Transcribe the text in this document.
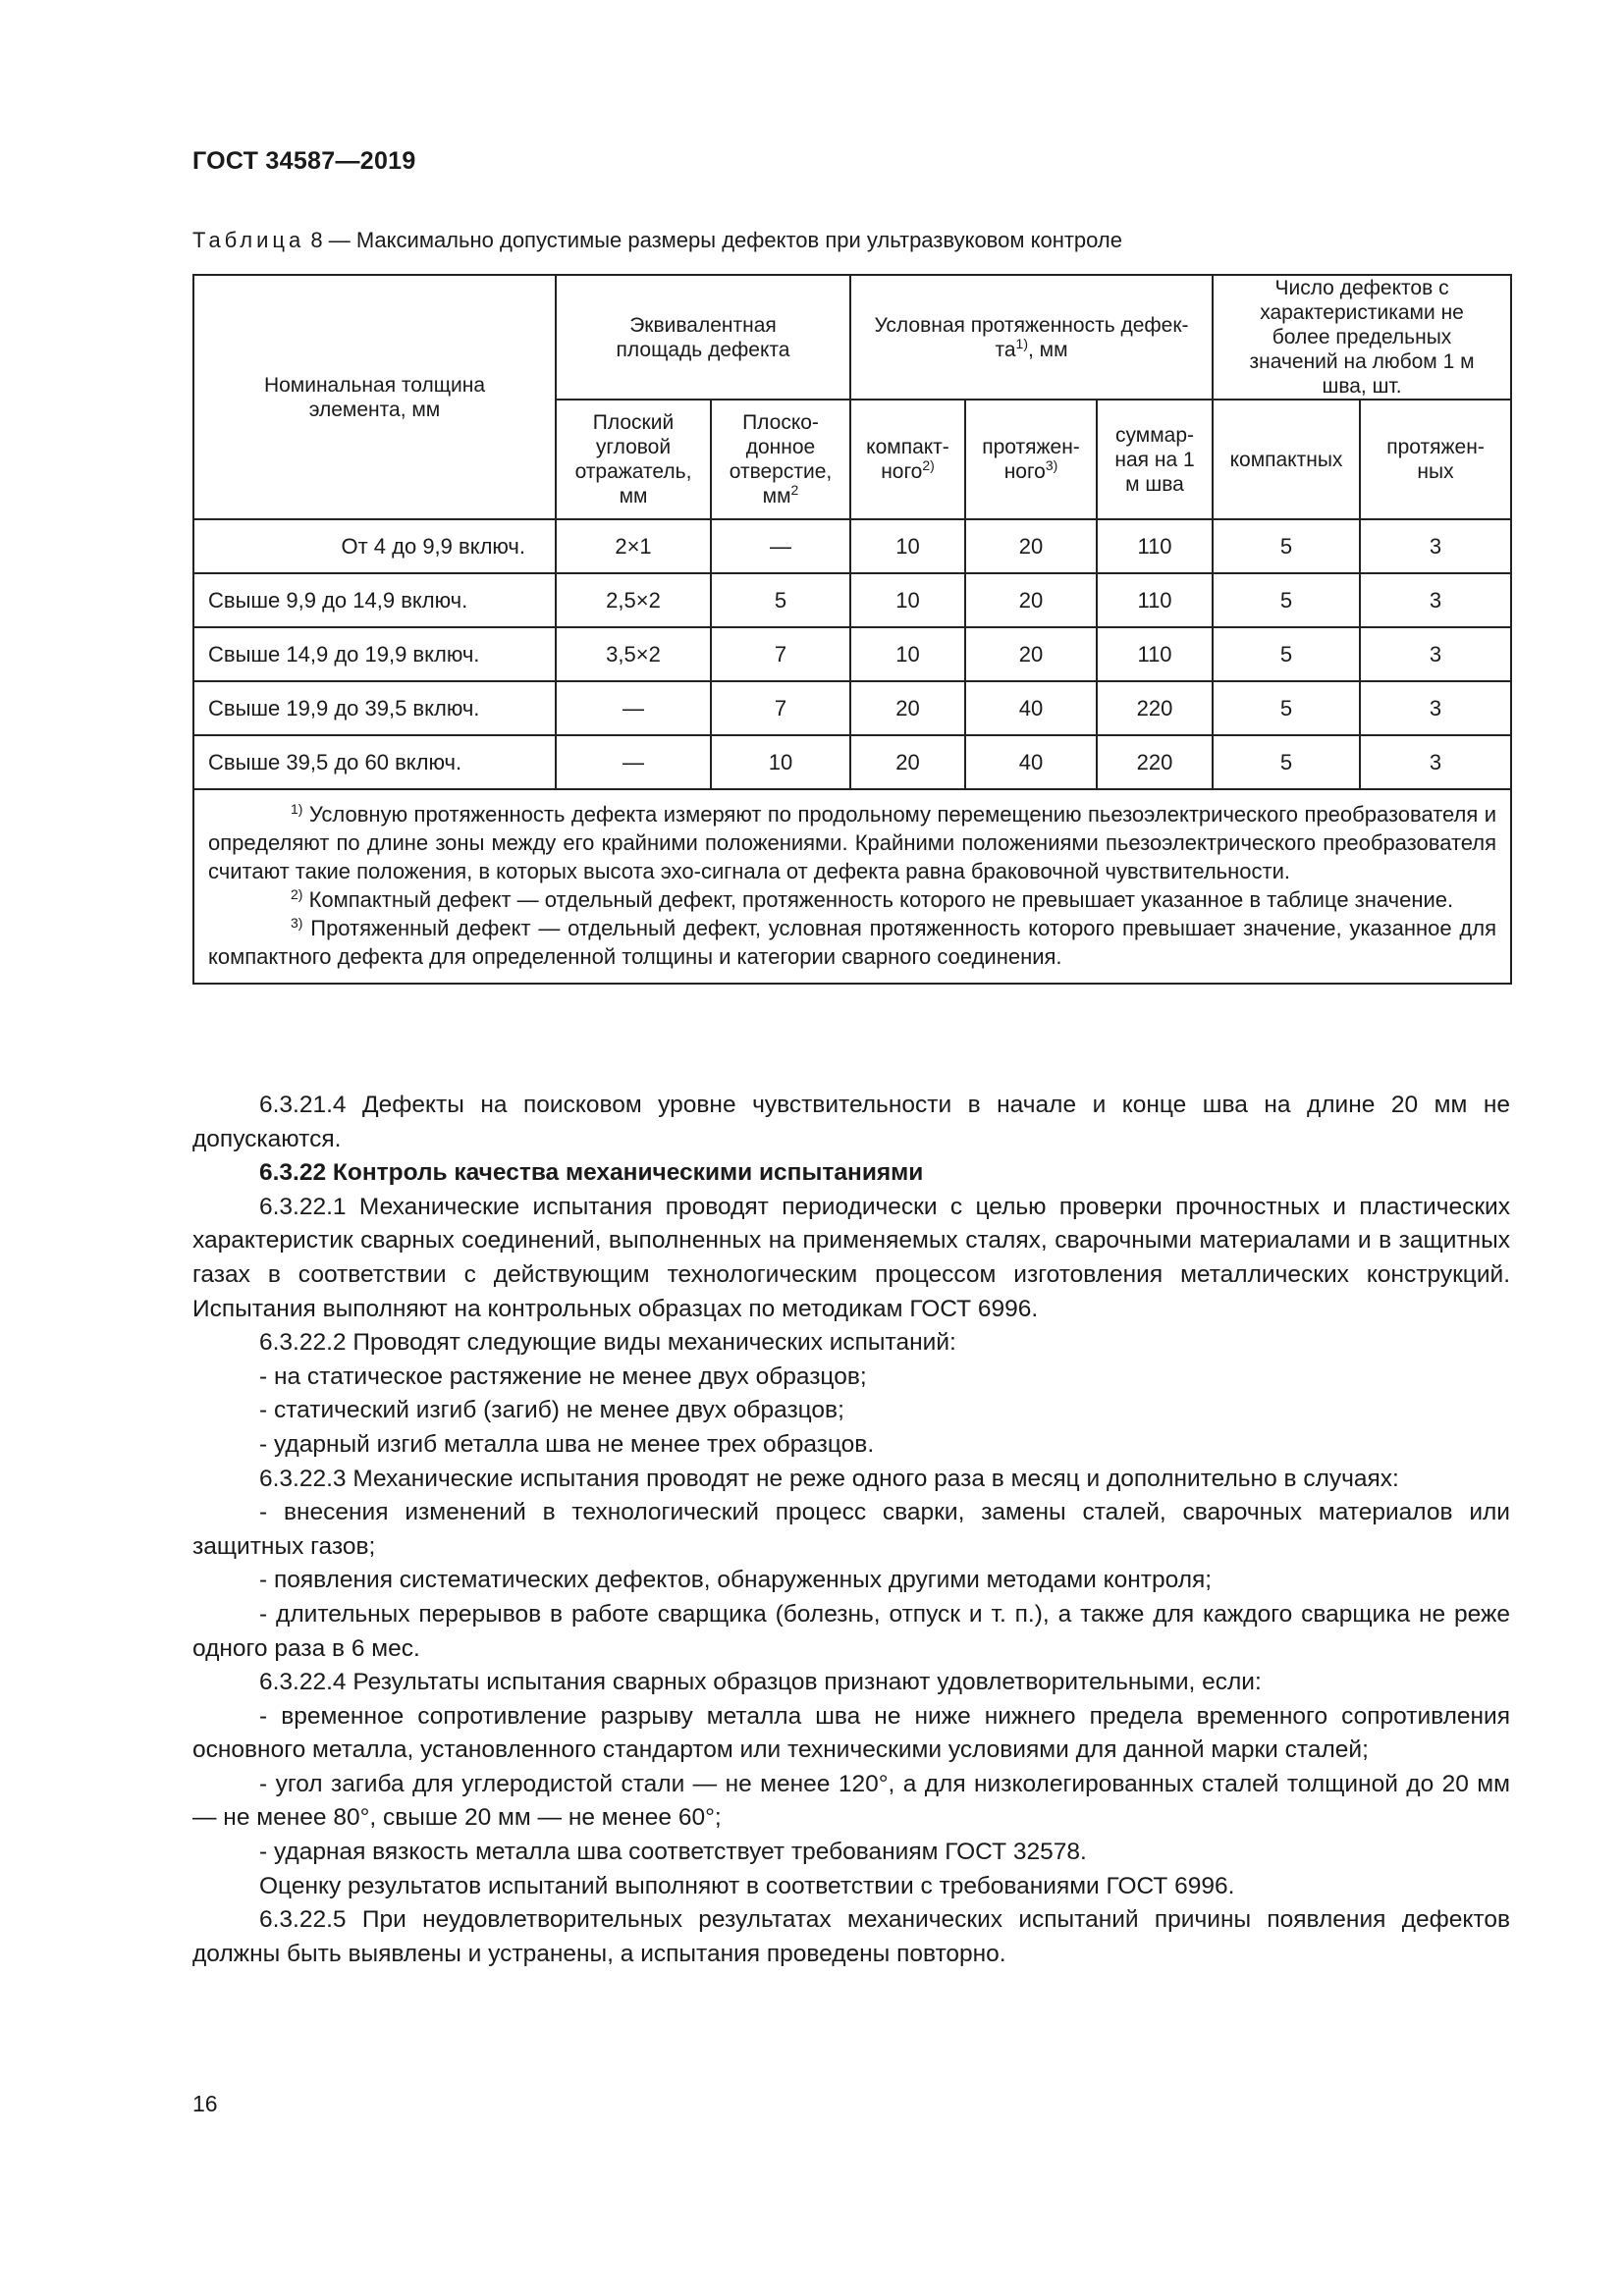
ГОСТ 34587—2019
Таблица 8 — Максимально допустимые размеры дефектов при ультразвуковом контроле
Номинальная толщина элемента, мм	Эквивалентная площадь дефекта		Условная протяженность дефек-
$та^{1)}$, мм			Число дефектов с характеристиками не более предельных значений на любом 1 м шва, шт.	
	Плоский угловой отражатель, мм	Плоско-донное отверстие, $мм^2$	компакт-ного$^{2)}$	протяжен-ного$^{3)}$	суммар-ная на 1 м шва	компактных	протяжен-ных
От 4 до 9,9 включ.	2×1	—	10	20	110	5	3
Свыше 9,9 до 14,9 включ.	2,5×2	5	10	20	110	5	3
Свыше 14,9 до 19,9 включ.	3,5×2	7	10	20	110	5	3
Свыше 19,9 до 39,5 включ.	—	7	20	40	220	5	3
Свыше 39,5 до 60 включ.	—	10	20	40	220	5	3

$^{1)}$ Условную протяженность дефекта измеряют по продольному перемещению пьезоэлектрического преобразователя и определяют по длине зоны между его крайними положениями. Крайними положениями пьезоэлектрического преобразователя считают такие положения, в которых высота эхо-сигнала от дефекта равна браковочной чувствительности.

$^{2)}$ Компактный дефект — отдельный дефект, протяженность которого не превышает указанное в таблице значение.

$^{3)}$ Протяженный дефект — отдельный дефект, условная протяженность которого превышает значение, указанное для компактного дефекта для определенной толщины и категории сварного соединения.							

6.3.21.4 Дефекты на поисковом уровне чувствительности в начале и конце шва на длине 20 мм не допускаются.

6.3.22 Контроль качества механическими испытаниями

6.3.22.1 Механические испытания проводят периодически с целью проверки прочностных и пластических характеристик сварных соединений, выполненных на применяемых сталях, сварочными материалами и в защитных газах в соответствии с действующим технологическим процессом изготовления металлических конструкций. Испытания выполняют на контрольных образцах по методикам ГОСТ 6996.

6.3.22.2 Проводят следующие виды механических испытаний:

- на статическое растяжение не менее двух образцов;

- статический изгиб (загиб) не менее двух образцов;

- ударный изгиб металла шва не менее трех образцов.

6.3.22.3 Механические испытания проводят не реже одного раза в месяц и дополнительно в случаях:

- внесения изменений в технологический процесс сварки, замены сталей, сварочных материалов или защитных газов;

- появления систематических дефектов, обнаруженных другими методами контроля;

- длительных перерывов в работе сварщика (болезнь, отпуск и т. п.), а также для каждого сварщика не реже одного раза в 6 мес.

6.3.22.4 Результаты испытания сварных образцов признают удовлетворительными, если:

- временное сопротивление разрыву металла шва не ниже нижнего предела временного сопротивления основного металла, установленного стандартом или техническими условиями для данной марки сталей;

- угол загиба для углеродистой стали — не менее 120°, а для низколегированных сталей толщиной до 20 мм — не менее 80°, свыше 20 мм — не менее 60°;

- ударная вязкость металла шва соответствует требованиям ГОСТ 32578.

Оценку результатов испытаний выполняют в соответствии с требованиями ГОСТ 6996.

6.3.22.5 При неудовлетворительных результатах механических испытаний причины появления дефектов должны быть выявлены и устранены, а испытания проведены повторно.

16
